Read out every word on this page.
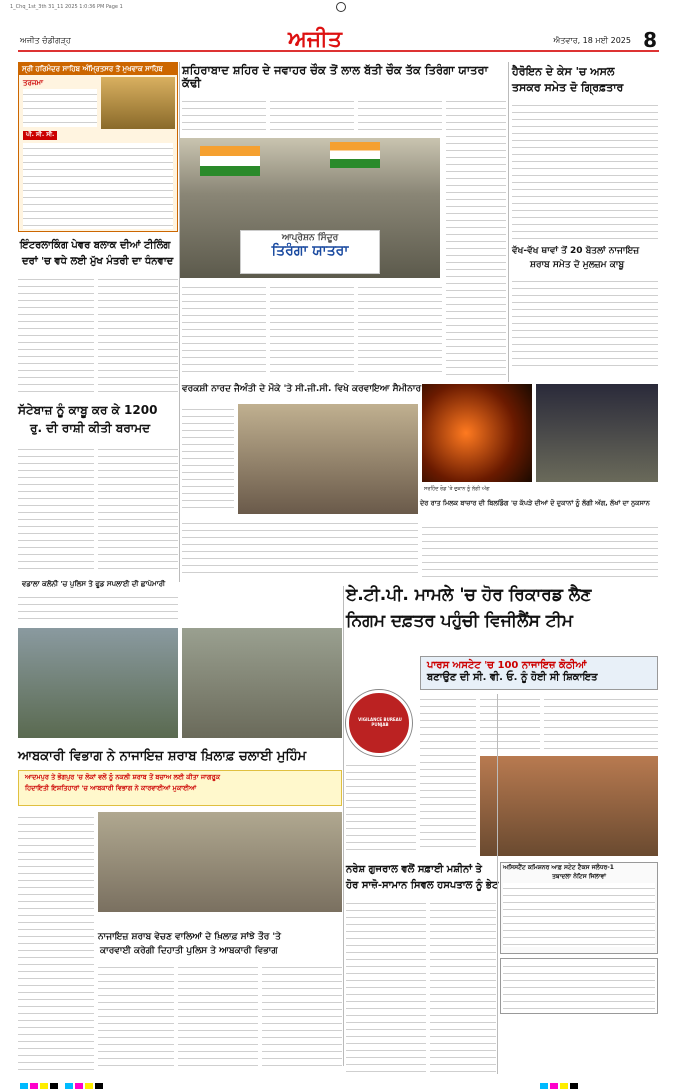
1_Chq_1st_3th 31_11 2025 1:0:36 PM Page 1
ਅਜੀਤ ਚੰਡੀਗੜ੍ਹ	ਅਜੀਤ	ਐਤਵਾਰ, 18 ਮਈ 2025 8
ਸ੍ਰੀ ਹਰਿਮੰਦਰ ਸਾਹਿਬ ਅੰਮ੍ਰਿਤਸਰ ਤੋਂ ਮੁਖਵਾਕ ਸਾਹਿਬ
ਤਰਜਮਾ
ਪੀ. ਸੀ. ਸੀ.
ਸ਼ਹਿਰਾਬਾਦ ਸ਼ਹਿਰ ਦੇ ਜਵਾਹਰ ਚੌਕ ਤੋਂ ਲਾਲ ਬੱਤੀ ਚੌਕ ਤੱਕ ਤਿਰੰਗਾ ਯਾਤਰਾ ਕੱਢੀ
ਆਪ੍ਰੇਸ਼ਨ ਸਿੰਦੂਰ
ਤਿਰੰਗਾ ਯਾਤਰਾ
ਹੈਰੋਇਨ ਦੇ ਕੇਸ 'ਚ ਅਸਲ
ਤਸਕਰ ਸਮੇਤ ਦੋ ਗ੍ਰਿਫ਼ਤਾਰ
ਵੱਖ-ਵੱਖ ਥਾਵਾਂ ਤੋਂ 20 ਬੋਤਲਾਂ ਨਾਜਾਇਜ਼
ਸ਼ਰਾਬ ਸਮੇਤ ਦੋ ਮੁਲਜ਼ਮ ਕਾਬੂ
ਇੰਟਰਲਾਕਿੰਗ ਪੇਵਰ ਬਲਾਕ ਦੀਆਂ ਟੀਲਿੰਗ
ਦਰਾਂ 'ਚ ਵਧੇ ਲਈ ਮੁੱਖ ਮੰਤਰੀ ਦਾ ਧੰਨਵਾਦ
ਸੱਟੇਬਾਜ਼ ਨੂੰ ਕਾਬੂ ਕਰ ਕੇ 1200
ਰੁ. ਦੀ ਰਾਸ਼ੀ ਕੀਤੀ ਬਰਾਮਦ
ਵਰਕਸ਼ੀ ਨਾਰਦ ਜੈਅੰਤੀ ਦੇ ਮੌਕੇ 'ਤੇ ਸੀ.ਜੀ.ਸੀ. ਵਿਖੇ ਕਰਵਾਇਆ ਸੈਮੀਨਾਰ
ਸਰਹਿੰਦ ਰੋਡ 'ਤੇ ਦੁਕਾਨ ਨੂੰ ਲੱਗੀ ਅੱਗ
ਦੇਰ ਰਾਤ ਮਿਲਕ ਬਾਜ਼ਾਰ ਦੀ ਬਿਲਡਿੰਗ 'ਚ ਕੱਪੜੇ ਦੀਆਂ ਦੋ ਦੁਕਾਨਾਂ ਨੂੰ ਲੱਗੀ ਅੱਗ, ਲੱਖਾਂ ਦਾ ਨੁਕਸਾਨ
ਵਡਾਲਾ ਕਲੋਨੀ 'ਚ ਪੁਲਿਸ ਤੇ ਫੂਡ ਸਪਲਾਈ ਦੀ ਛਾਪੇਮਾਰੀ
ਏ.ਟੀ.ਪੀ. ਮਾਮਲੇ 'ਚ ਹੋਰ ਰਿਕਾਰਡ ਲੈਣ
ਨਿਗਮ ਦਫ਼ਤਰ ਪਹੁੰਚੀ ਵਿਜੀਲੈਂਸ ਟੀਮ
VIGILANCE BUREAU PUNJAB
ਪਾਰਸ ਅਸਟੇਟ 'ਚ 100 ਨਾਜਾਇਜ਼ ਕੋਠੀਆਂ
ਬਣਾਉਣ ਦੀ ਸੀ. ਵੀ. ਓ. ਨੂੰ ਹੋਈ ਸੀ ਸ਼ਿਕਾਇਤ
ਆਬਕਾਰੀ ਵਿਭਾਗ ਨੇ ਨਾਜਾਇਜ਼ ਸ਼ਰਾਬ ਖ਼ਿਲਾਫ਼ ਚਲਾਈ ਮੁਹਿੰਮ
ਆਦਮਪੁਰ ਤੇ ਭੋਗਪੁਰ 'ਚ ਲੋਕਾਂ ਵਲੋਂ ਨੂੰ ਨਕਲੀ ਸ਼ਰਾਬ ਤੋਂ ਬਚਾਅ ਲਈ ਕੀਤਾ ਜਾਗਰੂਕ
ਹਿਦਾਇਤੀ ਇਸ਼ਤਿਹਾਰਾਂ 'ਚ ਆਬਕਾਰੀ ਵਿਭਾਗ ਨੇ ਕਾਰਵਾਈਆਂ ਮੁਕਾਈਆਂ
ਨਾਜਾਇਜ਼ ਸ਼ਰਾਬ ਵੇਚਣ ਵਾਲਿਆਂ ਦੇ ਖ਼ਿਲਾਫ਼ ਸਾਂਝੇ ਤੌਰ 'ਤੇ
ਕਾਰਵਾਈ ਕਰੇਗੀ ਦਿਹਾਤੀ ਪੁਲਿਸ ਤੇ ਆਬਕਾਰੀ ਵਿਭਾਗ
ਨਰੇਸ਼ ਗੁਜਰਾਲ ਵਲੋਂ ਸਫ਼ਾਈ ਮਸ਼ੀਨਾਂ ਤੇ
ਹੋਰ ਸਾਜ਼ੋ-ਸਾਮਾਨ ਸਿਵਲ ਹਸਪਤਾਲ ਨੂੰ ਭੇਟ
ਅਸਿਸਟੈਂਟ ਕਮਿਸ਼ਨਰ ਆਫ਼ ਸਟੇਟ ਟੈਕਸ ਜਲੰਧਰ-1
ਤਬਾਦਲਾ ਨੋਟਿਸ ਜਿਲਾਵਾਂ
